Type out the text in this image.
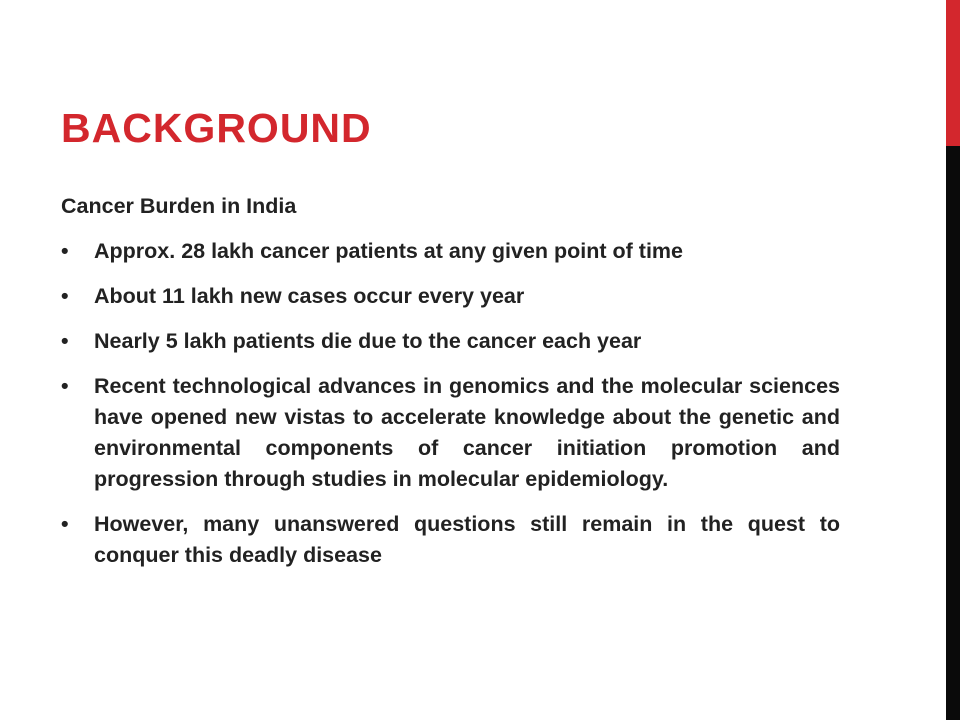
BACKGROUND

Cancer Burden in India

• Approx. 28 lakh cancer patients at any given point of time
• About 11 lakh new cases occur every year
• Nearly 5 lakh patients die due to the cancer each year
• Recent technological advances in genomics and the molecular sciences have opened new vistas to accelerate knowledge about the genetic and environmental components of cancer initiation promotion and progression through studies in molecular epidemiology.
• However, many unanswered questions still remain in the quest to conquer this deadly disease
